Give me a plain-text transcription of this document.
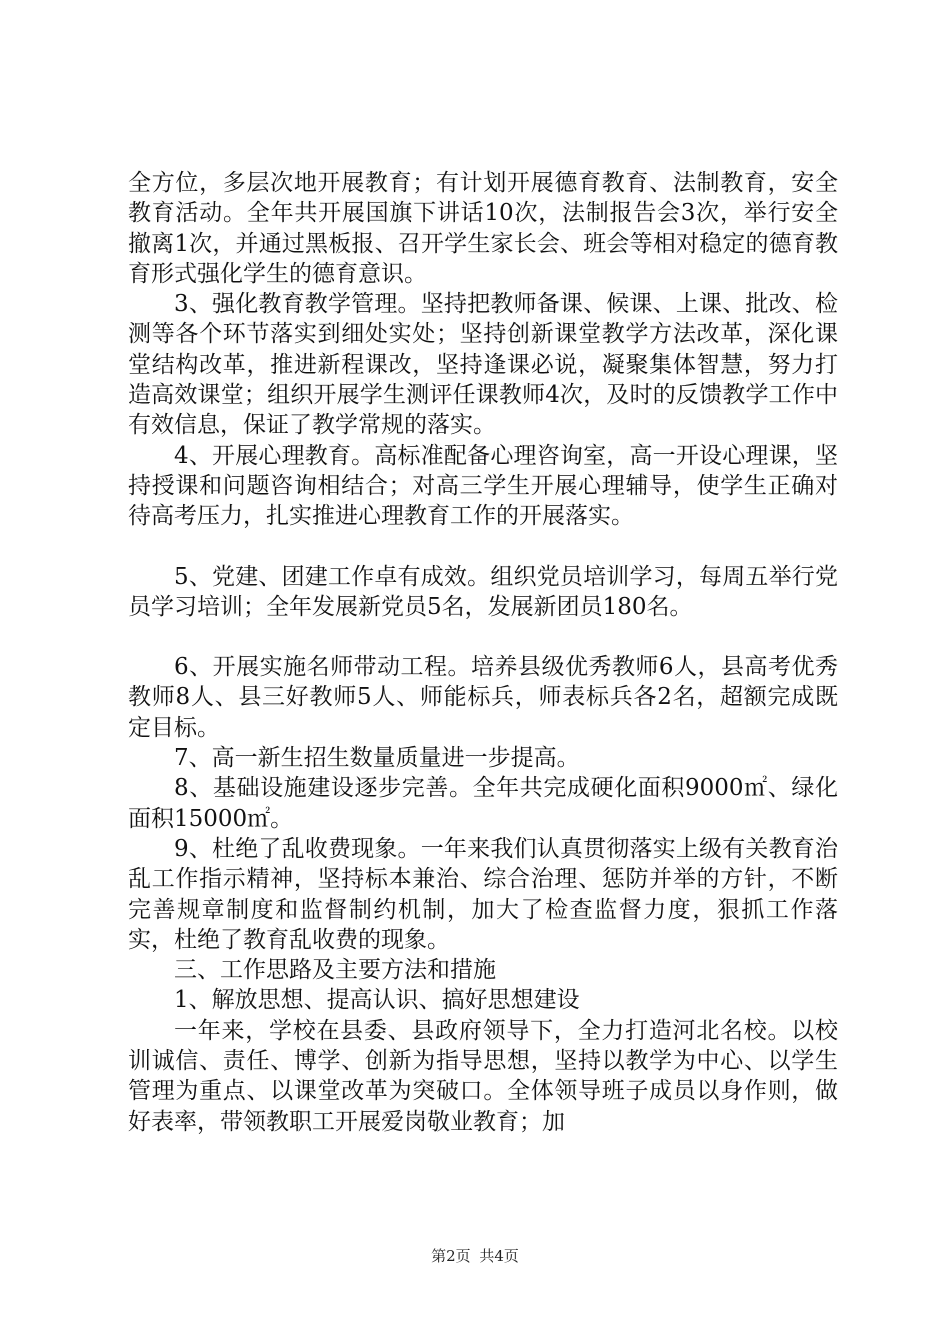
全方位，多层次地开展教育；有计划开展德育教育、法制教育，安全教育活动。全年共开展国旗下讲话10次，法制报告会3次，举行安全撤离1次，并通过黑板报、召开学生家长会、班会等相对稳定的德育教育形式强化学生的德育意识。

3、强化教育教学管理。坚持把教师备课、候课、上课、批改、检测等各个环节落实到细处实处；坚持创新课堂教学方法改革，深化课堂结构改革，推进新程课改，坚持逢课必说，凝聚集体智慧，努力打造高效课堂；组织开展学生测评任课教师4次，及时的反馈教学工作中有效信息，保证了教学常规的落实。

4、开展心理教育。高标准配备心理咨询室，高一开设心理课，坚持授课和问题咨询相结合；对高三学生开展心理辅导，使学生正确对待高考压力，扎实推进心理教育工作的开展落实。

5、党建、团建工作卓有成效。组织党员培训学习，每周五举行党员学习培训；全年发展新党员5名，发展新团员180名。

6、开展实施名师带动工程。培养县级优秀教师6人，县高考优秀教师8人、县三好教师5人、师能标兵，师表标兵各2名，超额完成既定目标。

7、高一新生招生数量质量进一步提高。

8、基础设施建设逐步完善。全年共完成硬化面积9000㎡、绿化面积15000㎡。

9、杜绝了乱收费现象。一年来我们认真贯彻落实上级有关教育治乱工作指示精神，坚持标本兼治、综合治理、惩防并举的方针，不断完善规章制度和监督制约机制，加大了检查监督力度，狠抓工作落实，杜绝了教育乱收费的现象。

三、工作思路及主要方法和措施

1、解放思想、提高认识、搞好思想建设

一年来，学校在县委、县政府领导下，全力打造河北名校。以校训诚信、责任、博学、创新为指导思想，坚持以教学为中心、以学生管理为重点、以课堂改革为突破口。全体领导班子成员以身作则，做好表率，带领教职工开展爱岗敬业教育；加

第2页 共4页
